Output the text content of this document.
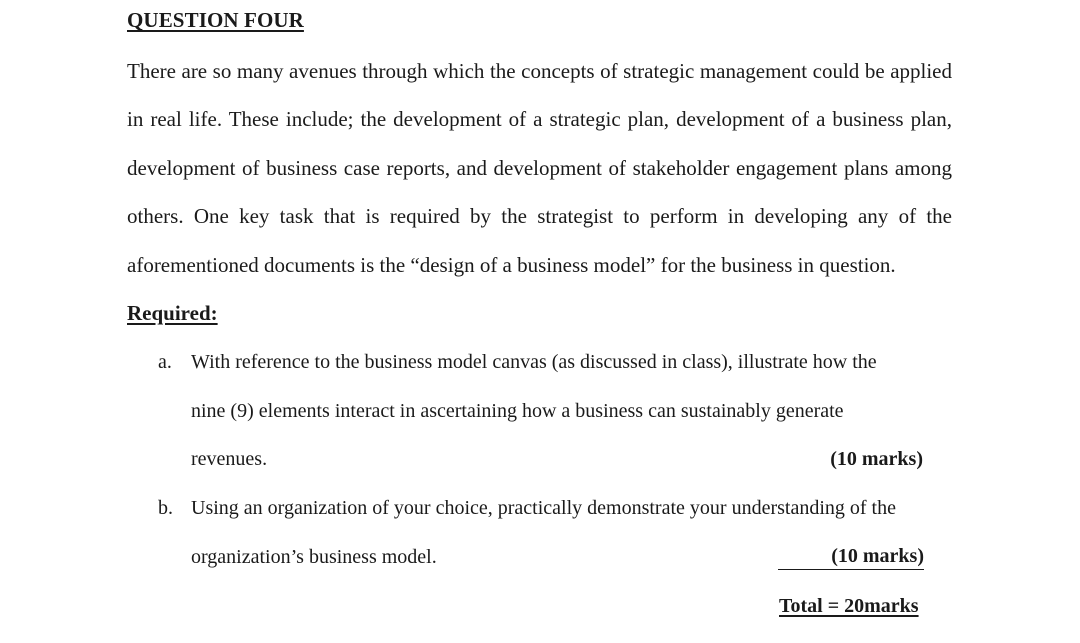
QUESTION FOUR
There are so many avenues through which the concepts of strategic management could be applied
in real life. These include; the development of a strategic plan, development of a business plan,
development of business case reports, and development of stakeholder engagement plans among
others. One key task that is required by the strategist to perform in developing any of the
aforementioned documents is the “design of a business model” for the business in question.
Required:
a. With reference to the business model canvas (as discussed in class), illustrate how the
nine (9) elements interact in ascertaining how a business can sustainably generate
revenues.	(10 marks)
b. Using an organization of your choice, practically demonstrate your understanding of the
organization’s business model.	(10 marks)
Total = 20marks
